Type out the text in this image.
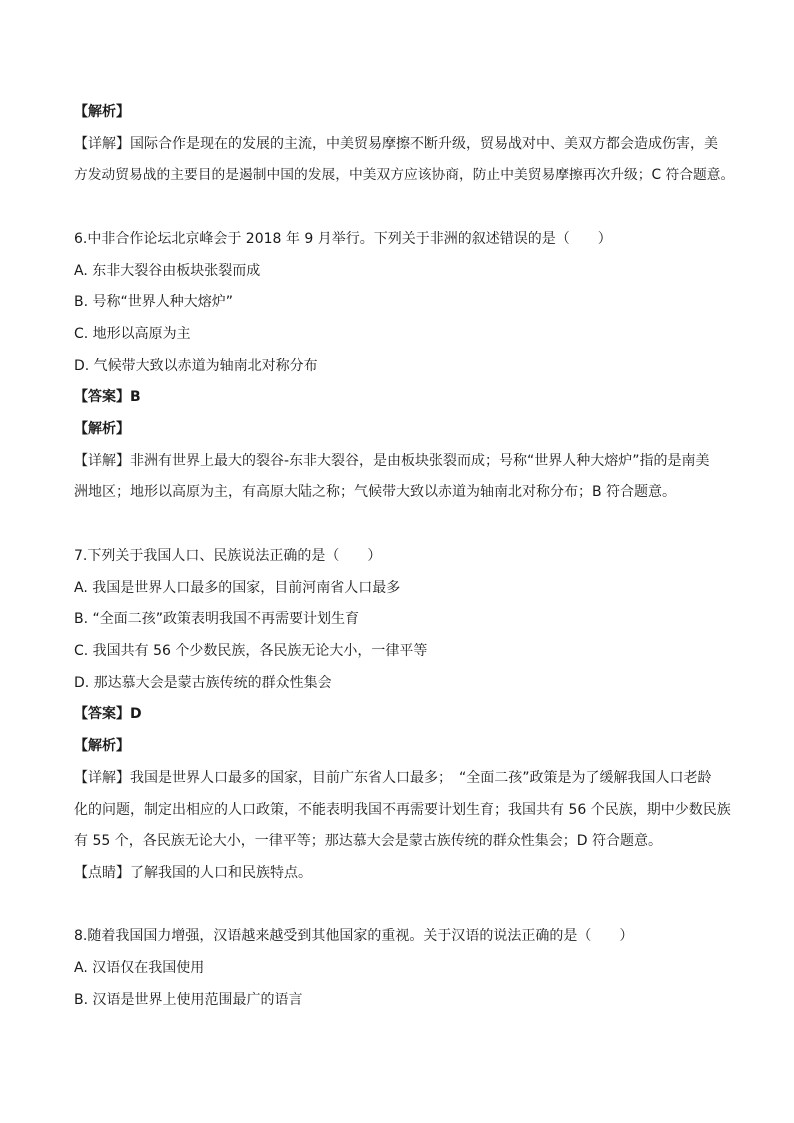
【解析】
【详解】国际合作是现在的发展的主流，中美贸易摩擦不断升级，贸易战对中、美双方都会造成伤害，美
方发动贸易战的主要目的是遏制中国的发展，中美双方应该协商，防止中美贸易摩擦再次升级；C 符合题意。
6.中非合作论坛北京峰会于 2018 年 9 月举行。下列关于非洲的叙述错误的是（　　）
A. 东非大裂谷由板块张裂而成
B. 号称“世界人种大熔炉”
C. 地形以高原为主
D. 气候带大致以赤道为轴南北对称分布
【答案】B
【解析】
【详解】非洲有世界上最大的裂谷-东非大裂谷，是由板块张裂而成；号称“世界人种大熔炉”指的是南美
洲地区；地形以高原为主，有高原大陆之称；气候带大致以赤道为轴南北对称分布；B 符合题意。
7.下列关于我国人口、民族说法正确的是（　　）
A. 我国是世界人口最多的国家，目前河南省人口最多
B. “全面二孩”政策表明我国不再需要计划生育
C. 我国共有 56 个少数民族，各民族无论大小，一律平等
D. 那达慕大会是蒙古族传统的群众性集会
【答案】D
【解析】
【详解】我国是世界人口最多的国家，目前广东省人口最多；　“全面二孩”政策是为了缓解我国人口老龄
化的问题，制定出相应的人口政策，不能表明我国不再需要计划生育；我国共有 56 个民族，期中少数民族
有 55 个，各民族无论大小，一律平等；那达慕大会是蒙古族传统的群众性集会；D 符合题意。
【点睛】了解我国的人口和民族特点。
8.随着我国国力增强，汉语越来越受到其他国家的重视。关于汉语的说法正确的是（　　）
A. 汉语仅在我国使用
B. 汉语是世界上使用范围最广的语言
